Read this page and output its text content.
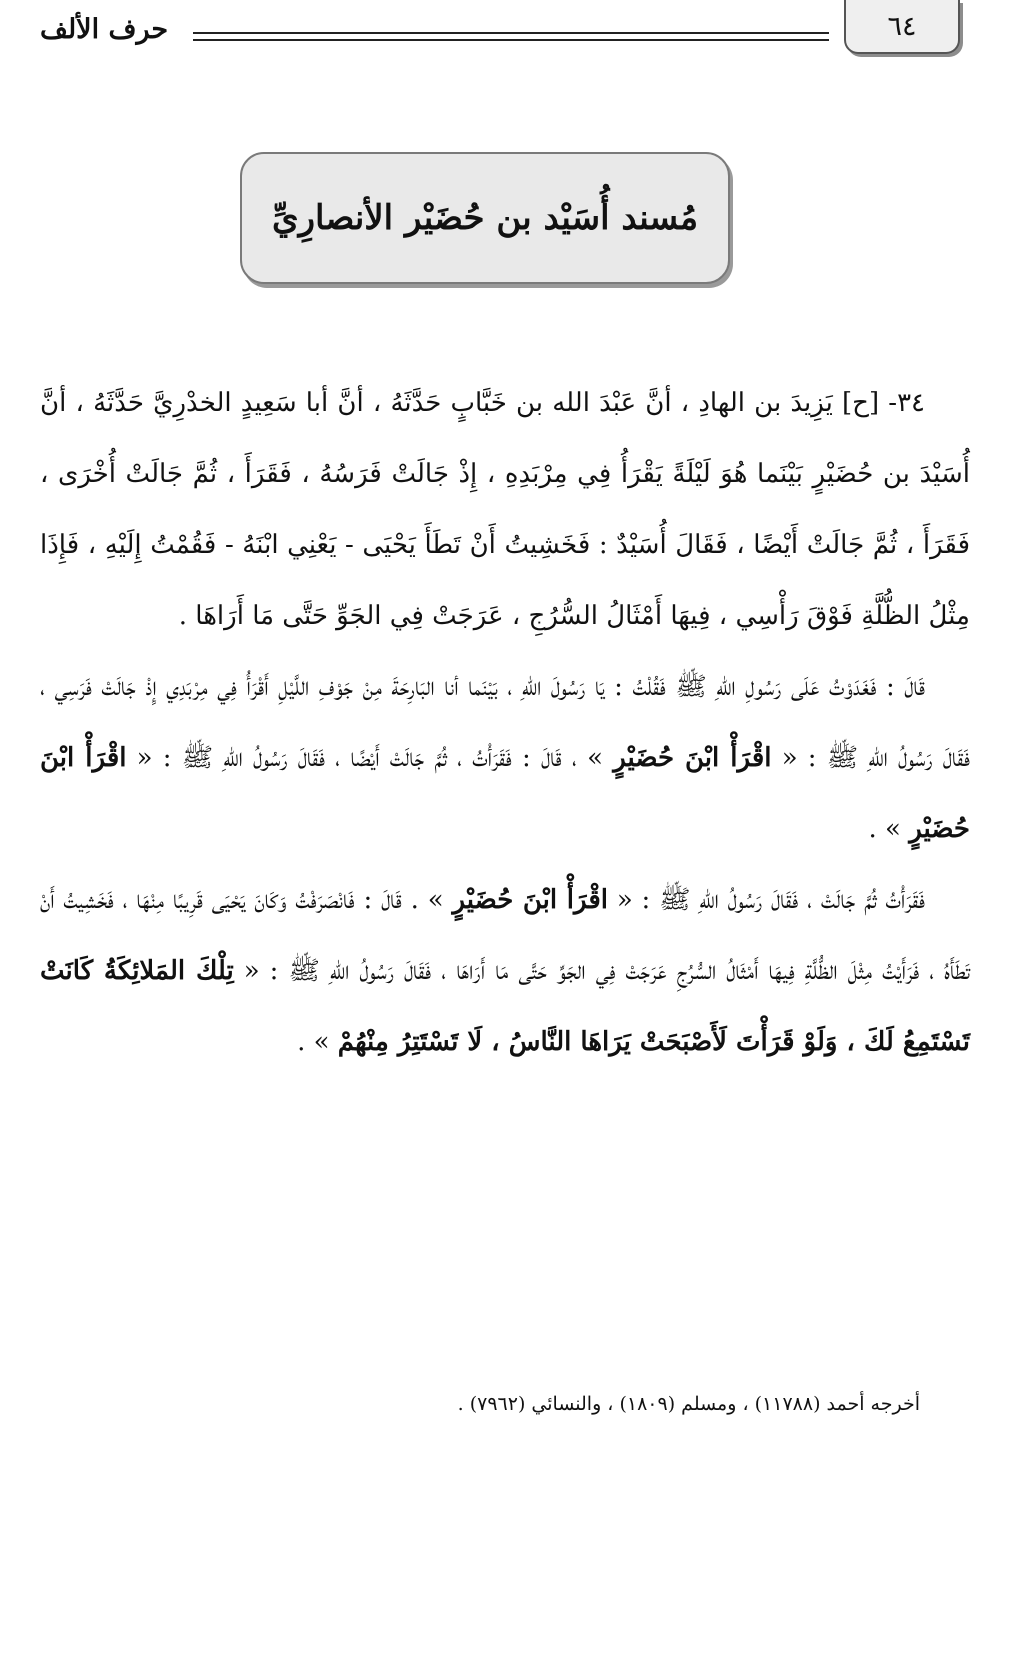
٦٤
حرف الألف
مُسند أُسَيْد بن حُضَيْر الأنصارِيِّ

٣٤- [ح] يَزِيدَ بن الهادِ ، أنَّ عَبْدَ الله بن خَبَّابٍ حَدَّثَهُ ، أنَّ أبا سَعِيدٍ الخدْرِيَّ حَدَّثَهُ ، أنَّ أُسَيْدَ بن حُضَيْرٍ بَيْنَما هُوَ لَيْلَةً يَقْرَأُ فِي مِرْبَدِهِ ، إِذْ جَالَتْ فَرَسُهُ ، فَقَرَأَ ، ثُمَّ جَالَتْ أُخْرَى ، فَقَرَأَ ، ثُمَّ جَالَتْ أَيْضًا ، فَقَالَ أُسَيْدٌ : فَخَشِيتُ أَنْ تَطَأَ يَحْيَى - يَعْنِي ابْنَهُ - فَقُمْتُ إِلَيْهِ ، فَإِذَا مِثْلُ الظُّلَّةِ فَوْقَ رَأْسِي ، فِيهَا أَمْثَالُ السُّرُجِ ، عَرَجَتْ فِي الجَوِّ حَتَّى مَا أَرَاهَا .

قَالَ : فَغَدَوْتُ عَلَى رَسُولِ اللهِ ﷺ فَقُلْتُ : يَا رَسُولَ اللهِ ، بَيْنَما أنا البَارِحَةَ مِنْ جَوْفِ اللَّيْلِ أَقْرَأُ فِي مِرْبَدِي إِذْ جَالَتْ فَرَسِي ، فَقَالَ رَسُولُ اللهِ ﷺ : « اقْرَأْ ابْنَ حُضَيْرٍ » ، قَالَ : فَقَرَأْتُ ، ثُمَّ جَالَتْ أَيْضًا ، فَقَالَ رَسُولُ اللهِ ﷺ : « اقْرَأْ ابْنَ حُضَيْرٍ » .

فَقَرَأْتُ ثُمَّ جَالَتْ ، فَقَالَ رَسُولُ اللهِ ﷺ : « اقْرَأْ ابْنَ حُضَيْرٍ » . قَالَ : فَانْصَرَفْتُ وَكَانَ يَحْيَى قَرِيبًا مِنْهَا ، فَخَشِيتُ أَنْ تَطَأَهُ ، فَرَأَيْتُ مِثْلَ الظُّلَّةِ فِيهَا أَمْثَالُ السُّرُجِ عَرَجَتْ فِي الجَوِّ حَتَّى مَا أَرَاهَا ، فَقَالَ رَسُولُ اللهِ ﷺ : « تِلْكَ المَلائِكَةُ كَانَتْ تَسْتَمِعُ لَكَ ، وَلَوْ قَرَأْتَ لَأَصْبَحَتْ يَرَاهَا النَّاسُ ، لَا تَسْتَتِرُ مِنْهُمْ » .

أخرجه أحمد (١١٧٨٨) ، ومسلم (١٨٠٩) ، والنسائي (٧٩٦٢) .
